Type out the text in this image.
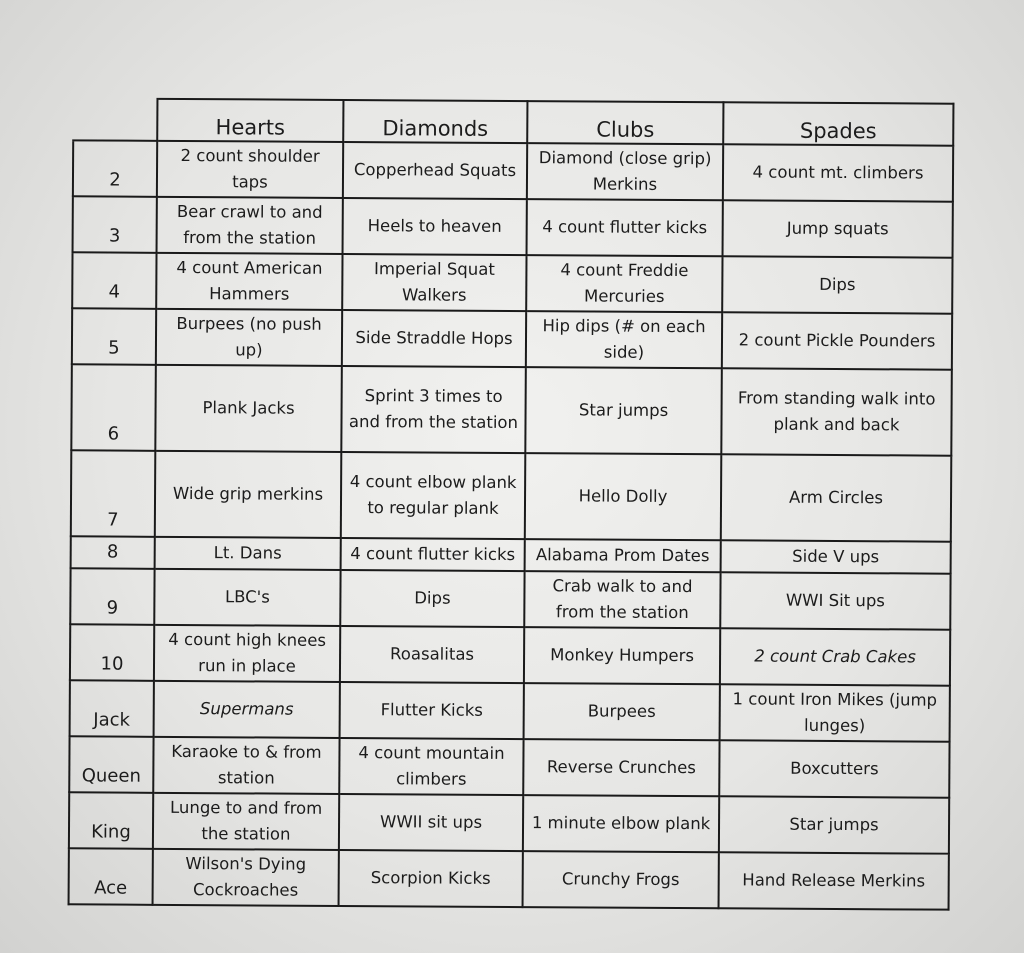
	Hearts	Diamonds	Clubs	Spades
2	2 count shoulder taps	Copperhead Squats	Diamond (close grip) Merkins	4 count mt. climbers
3	Bear crawl to and from the station	Heels to heaven	4 count flutter kicks	Jump squats
4	4 count American Hammers	Imperial Squat Walkers	4 count Freddie Mercuries	Dips
5	Burpees (no push up)	Side Straddle Hops	Hip dips (# on each side)	2 count Pickle Pounders
6	Plank Jacks	Sprint 3 times to and from the station	Star jumps	From standing walk into plank and back
7	Wide grip merkins	4 count elbow plank to regular plank	Hello Dolly	Arm Circles
8	Lt. Dans	4 count flutter kicks	Alabama Prom Dates	Side V ups
9	LBC's	Dips	Crab walk to and from the station	WWI Sit ups
10	4 count high knees run in place	Roasalitas	Monkey Humpers	2 count Crab Cakes
Jack	Supermans	Flutter Kicks	Burpees	1 count Iron Mikes (jump lunges)
Queen	Karaoke to & from station	4 count mountain climbers	Reverse Crunches	Boxcutters
King	Lunge to and from the station	WWII sit ups	1 minute elbow plank	Star jumps
Ace	Wilson's Dying Cockroaches	Scorpion Kicks	Crunchy Frogs	Hand Release Merkins
